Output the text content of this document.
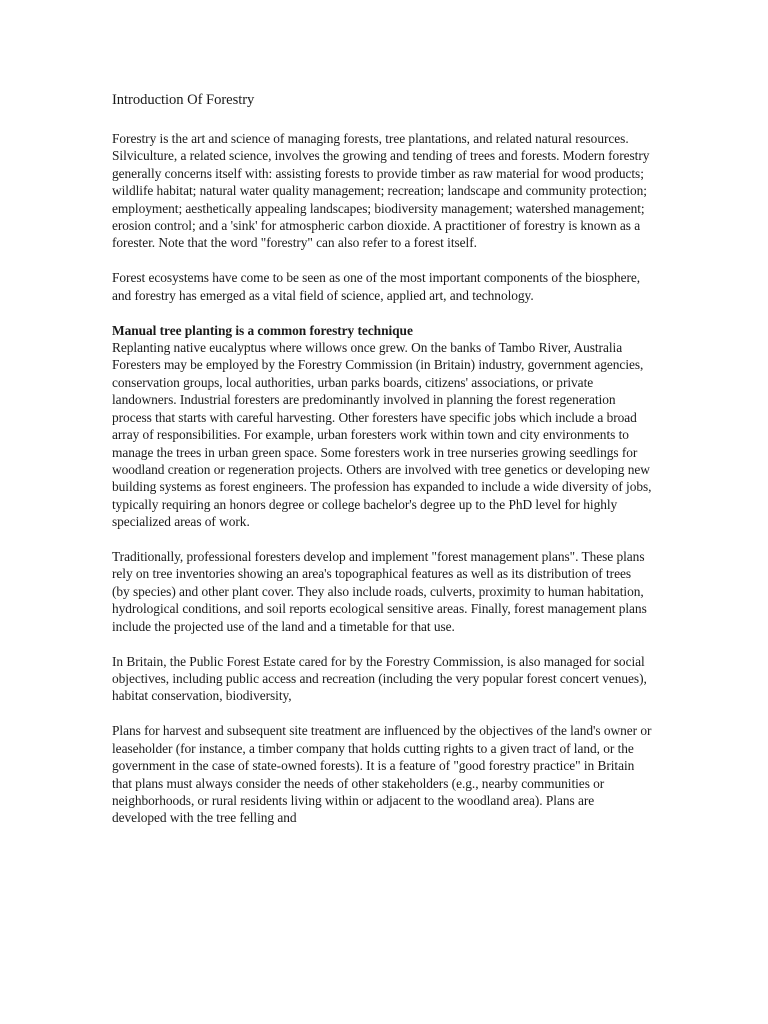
Introduction Of Forestry

Forestry is the art and science of managing forests, tree plantations, and related natural resources. Silviculture, a related science, involves the growing and tending of trees and forests. Modern forestry generally concerns itself with: assisting forests to provide timber as raw material for wood products; wildlife habitat; natural water quality management; recreation; landscape and community protection; employment; aesthetically appealing landscapes; biodiversity management; watershed management; erosion control; and a 'sink' for atmospheric carbon dioxide. A practitioner of forestry is known as a forester. Note that the word "forestry" can also refer to a forest itself.

Forest ecosystems have come to be seen as one of the most important components of the biosphere, and forestry has emerged as a vital field of science, applied art, and technology.

Manual tree planting is a common forestry technique

Replanting native eucalyptus where willows once grew. On the banks of Tambo River, Australia Foresters may be employed by the Forestry Commission (in Britain) industry, government agencies, conservation groups, local authorities, urban parks boards, citizens' associations, or private landowners. Industrial foresters are predominantly involved in planning the forest regeneration process that starts with careful harvesting. Other foresters have specific jobs which include a broad array of responsibilities. For example, urban foresters work within town and city environments to manage the trees in urban green space. Some foresters work in tree nurseries growing seedlings for woodland creation or regeneration projects. Others are involved with tree genetics or developing new building systems as forest engineers. The profession has expanded to include a wide diversity of jobs, typically requiring an honors degree or college bachelor's degree up to the PhD level for highly specialized areas of work.

Traditionally, professional foresters develop and implement "forest management plans". These plans rely on tree inventories showing an area's topographical features as well as its distribution of trees (by species) and other plant cover. They also include roads, culverts, proximity to human habitation, hydrological conditions, and soil reports ecological sensitive areas. Finally, forest management plans include the projected use of the land and a timetable for that use.

In Britain, the Public Forest Estate cared for by the Forestry Commission, is also managed for social objectives, including public access and recreation (including the very popular forest concert venues), habitat conservation, biodiversity,

Plans for harvest and subsequent site treatment are influenced by the objectives of the land's owner or leaseholder (for instance, a timber company that holds cutting rights to a given tract of land, or the government in the case of state-owned forests). It is a feature of "good forestry practice" in Britain that plans must always consider the needs of other stakeholders (e.g., nearby communities or neighborhoods, or rural residents living within or adjacent to the woodland area). Plans are developed with the tree felling and
